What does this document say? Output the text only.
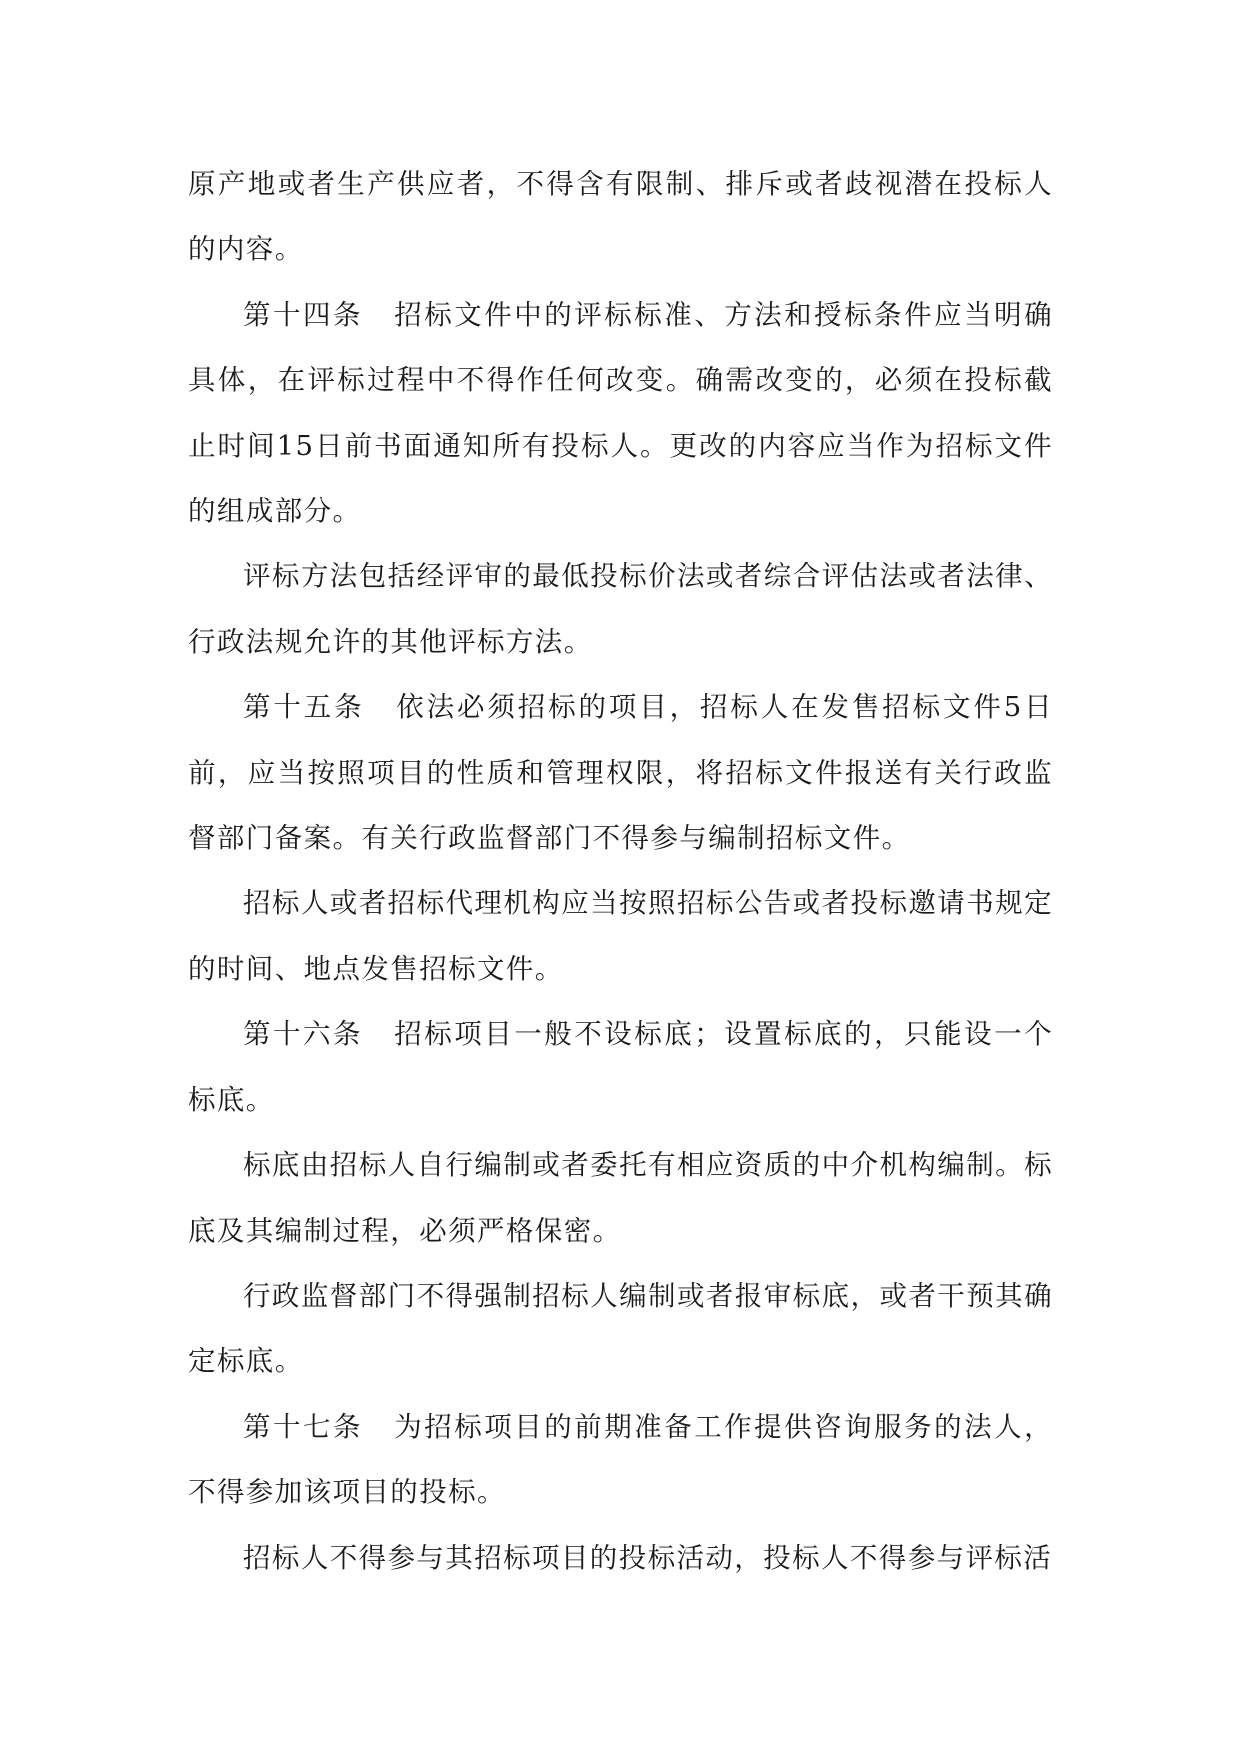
原产地或者生产供应者，不得含有限制、排斥或者歧视潜在投标人的内容。

第十四条 招标文件中的评标标准、方法和授标条件应当明确具体，在评标过程中不得作任何改变。确需改变的，必须在投标截止时间15日前书面通知所有投标人。更改的内容应当作为招标文件的组成部分。

评标方法包括经评审的最低投标价法或者综合评估法或者法律、行政法规允许的其他评标方法。

第十五条 依法必须招标的项目，招标人在发售招标文件5日前，应当按照项目的性质和管理权限，将招标文件报送有关行政监督部门备案。有关行政监督部门不得参与编制招标文件。

招标人或者招标代理机构应当按照招标公告或者投标邀请书规定的时间、地点发售招标文件。

第十六条 招标项目一般不设标底；设置标底的，只能设一个标底。

标底由招标人自行编制或者委托有相应资质的中介机构编制。标底及其编制过程，必须严格保密。

行政监督部门不得强制招标人编制或者报审标底，或者干预其确定标底。

第十七条 为招标项目的前期准备工作提供咨询服务的法人，不得参加该项目的投标。

招标人不得参与其招标项目的投标活动，投标人不得参与评标活
